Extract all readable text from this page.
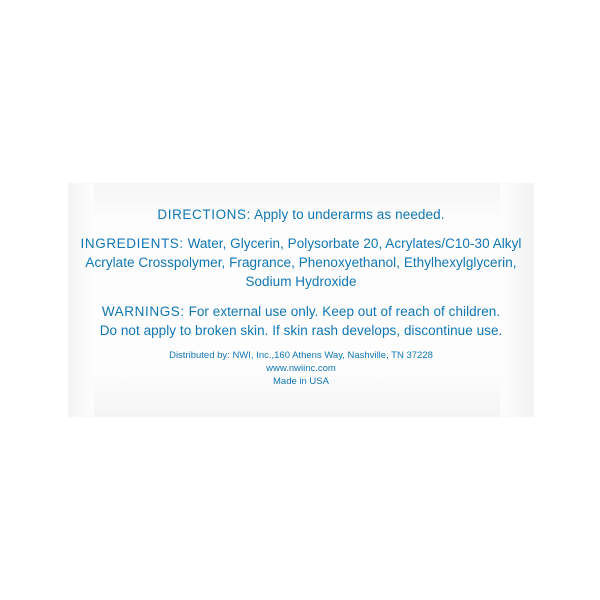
DIRECTIONS: Apply to underarms as needed.
INGREDIENTS: Water, Glycerin, Polysorbate 20, Acrylates/C10-30 Alkyl
Acrylate Crosspolymer, Fragrance, Phenoxyethanol, Ethylhexylglycerin,
Sodium Hydroxide
WARNINGS: For external use only. Keep out of reach of children.
Do not apply to broken skin. If skin rash develops, discontinue use.
Distributed by: NWI, Inc.,160 Athens Way, Nashville, TN 37228
www.nwiinc.com
Made in USA
